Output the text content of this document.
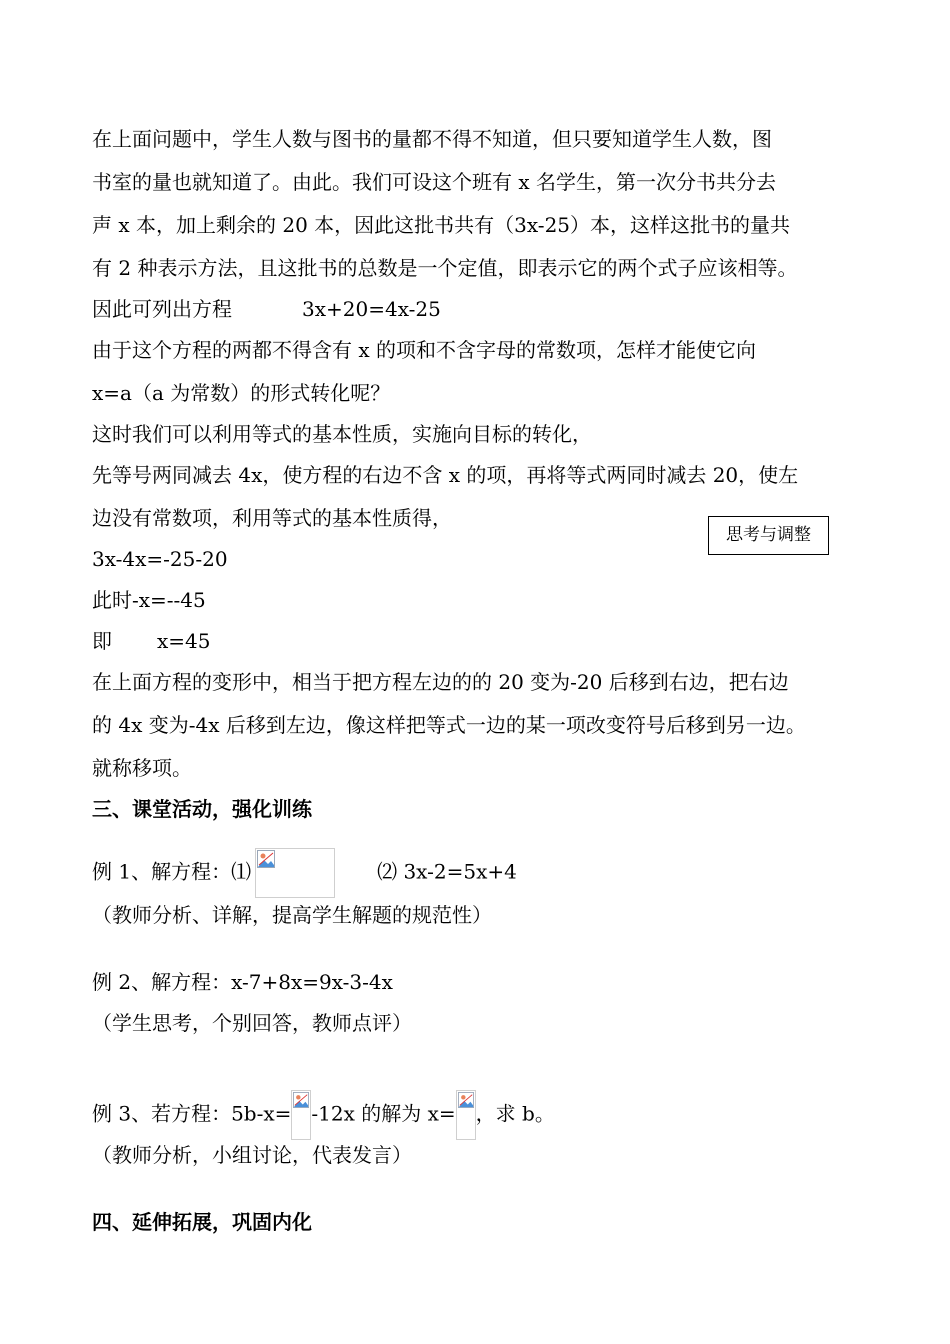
在上面问题中，学生人数与图书的量都不得不知道，但只要知道学生人数，图
书室的量也就知道了。由此。我们可设这个班有 x 名学生，第一次分书共分去
声 x 本，加上剩余的 20 本，因此这批书共有（3x-25）本，这样这批书的量共
有 2 种表示方法，且这批书的总数是一个定值，即表示它的两个式子应该相等。
因此可列出方程	3x+20=4x-25
由于这个方程的两都不得含有 x 的项和不含字母的常数项，怎样才能使它向
x=a（a 为常数）的形式转化呢？
这时我们可以利用等式的基本性质，实施向目标的转化，
先等号两同减去 4x，使方程的右边不含 x 的项，再将等式两同时减去 20，使左
边没有常数项，利用等式的基本性质得，
思考与调整
3x-4x=-25-20
此时-x=--45
即 x=45
在上面方程的变形中，相当于把方程左边的的 20 变为-20 后移到右边，把右边
的 4x 变为-4x 后移到左边，像这样把等式一边的某一项改变符号后移到另一边。
就称移项。
三、课堂活动，强化训练
例 1、解方程：⑴	⑵ 3x-2=5x+4
（教师分析、详解，提高学生解题的规范性）
例 2、解方程：x-7+8x=9x-3-4x
（学生思考，个别回答，教师点评）
例 3、若方程：5b-x= -12x 的解为 x= ，求 b。
（教师分析，小组讨论，代表发言）
四、延伸拓展，巩固内化
